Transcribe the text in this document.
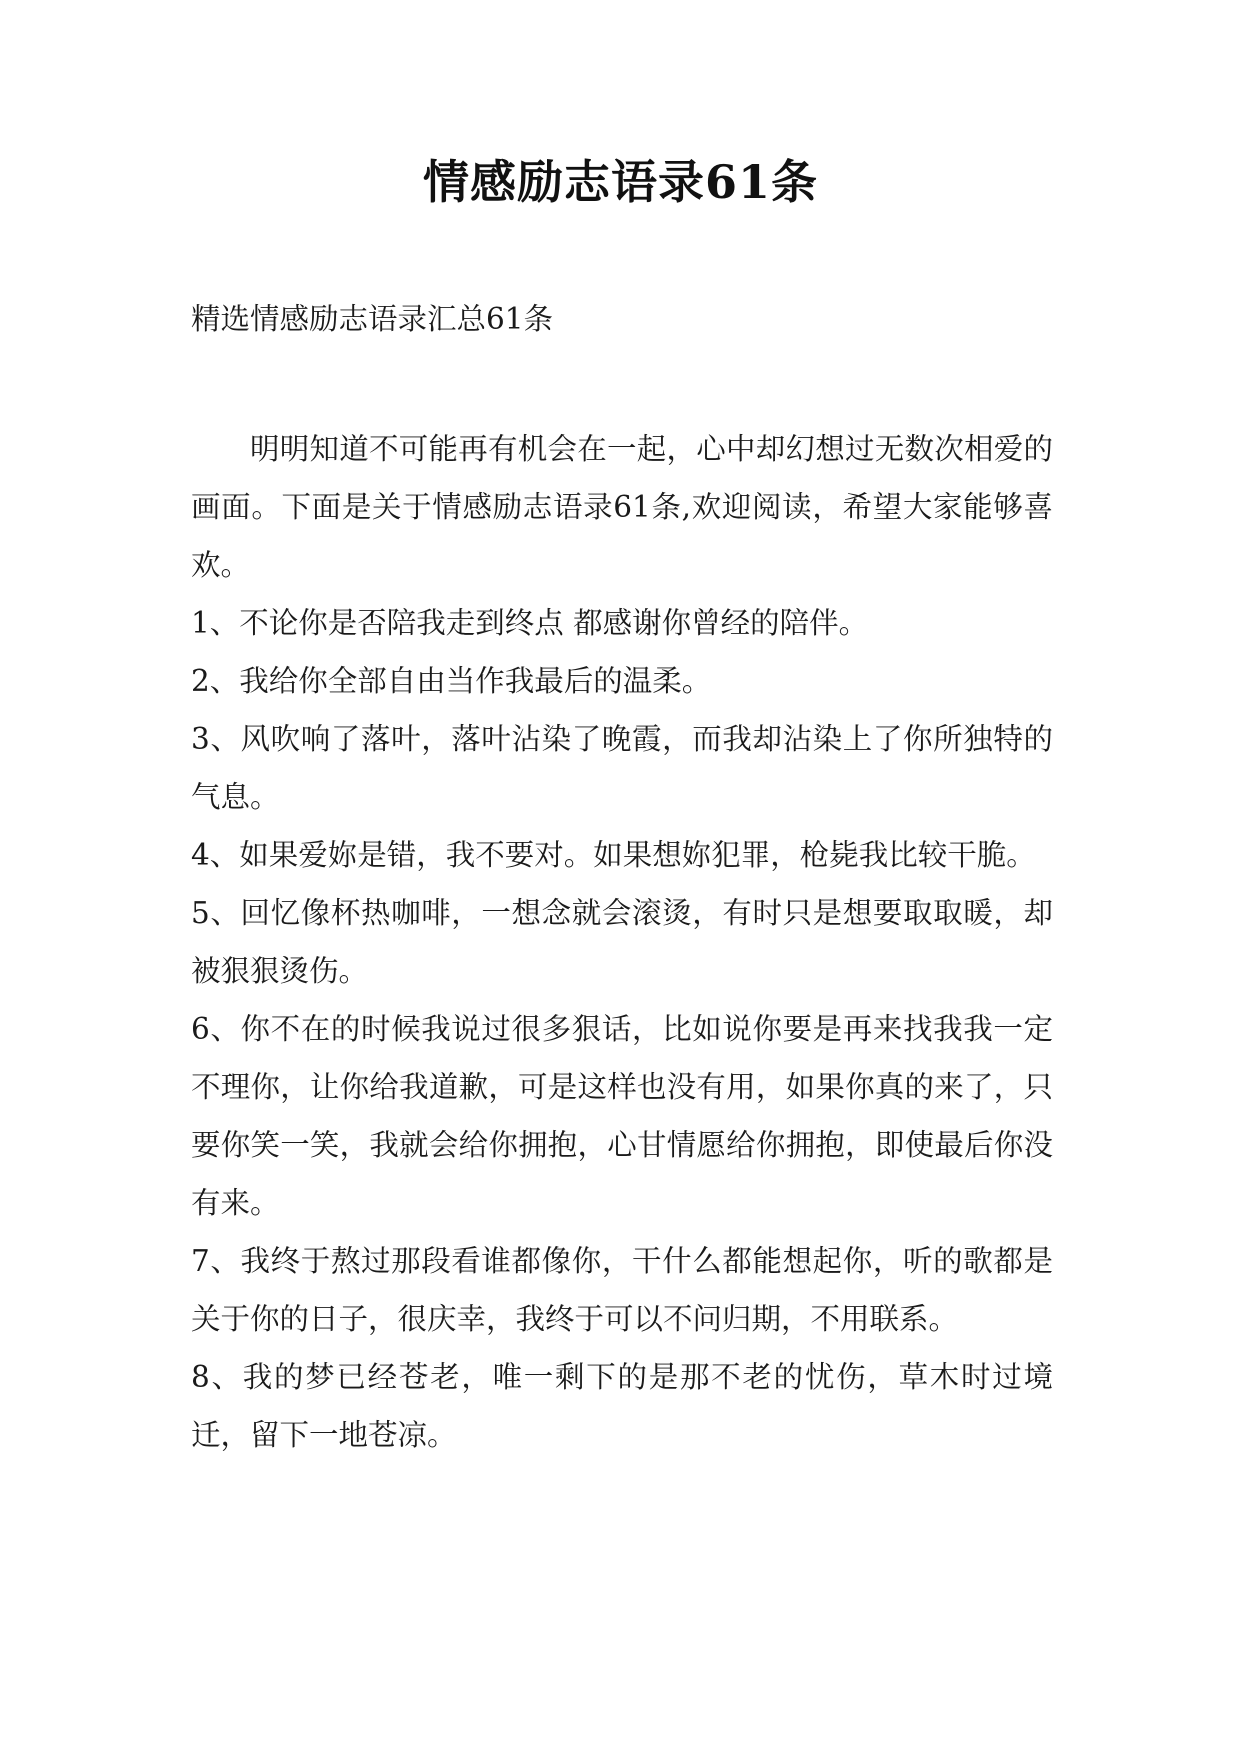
情感励志语录61条

精选情感励志语录汇总61条

明明知道不可能再有机会在一起，心中却幻想过无数次相爱的画面。下面是关于情感励志语录61条,欢迎阅读，希望大家能够喜欢。

1、不论你是否陪我走到终点 都感谢你曾经的陪伴。

2、我给你全部自由当作我最后的温柔。

3、风吹响了落叶，落叶沾染了晚霞，而我却沾染上了你所独特的气息。

4、如果爱妳是错，我不要对。如果想妳犯罪，枪毙我比较干脆。

5、回忆像杯热咖啡，一想念就会滚烫，有时只是想要取取暖，却被狠狠烫伤。

6、你不在的时候我说过很多狠话，比如说你要是再来找我我一定不理你，让你给我道歉，可是这样也没有用，如果你真的来了，只要你笑一笑，我就会给你拥抱，心甘情愿给你拥抱，即使最后你没有来。

7、我终于熬过那段看谁都像你，干什么都能想起你，听的歌都是关于你的日子，很庆幸，我终于可以不问归期，不用联系。

8、我的梦已经苍老，唯一剩下的是那不老的忧伤，草木时过境迁，留下一地苍凉。
